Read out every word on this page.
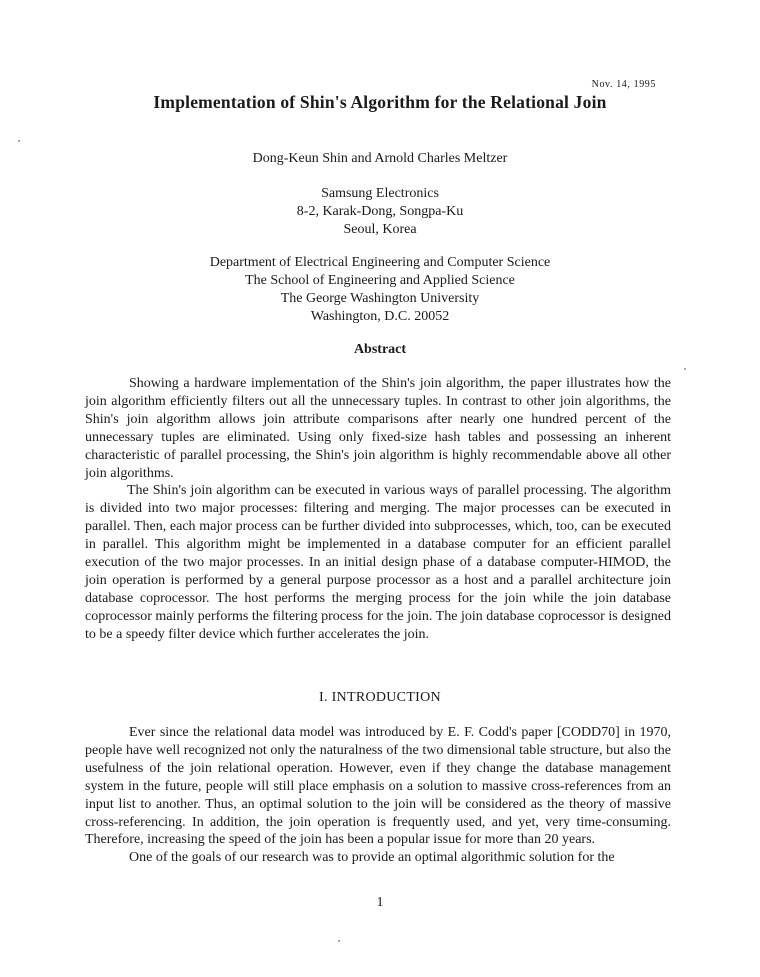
Nov. 14, 1995
Implementation of Shin's Algorithm for the Relational Join
Dong-Keun Shin and Arnold Charles Meltzer
Samsung Electronics
8-2, Karak-Dong, Songpa-Ku
Seoul, Korea
Department of Electrical Engineering and Computer Science
The School of Engineering and Applied Science
The George Washington University
Washington, D.C. 20052
Abstract

Showing a hardware implementation of the Shin's join algorithm, the paper illustrates how the join algorithm efficiently filters out all the unnecessary tuples. In contrast to other join algorithms, the Shin's join algorithm allows join attribute comparisons after nearly one hundred percent of the unnecessary tuples are eliminated. Using only fixed-size hash tables and possessing an inherent characteristic of parallel processing, the Shin's join algorithm is highly recommendable above all other join algorithms.

The Shin's join algorithm can be executed in various ways of parallel processing. The algorithm is divided into two major processes: filtering and merging. The major processes can be executed in parallel. Then, each major process can be further divided into subprocesses, which, too, can be executed in parallel. This algorithm might be implemented in a database computer for an efficient parallel execution of the two major processes. In an initial design phase of a database computer-HIMOD, the join operation is performed by a general purpose processor as a host and a parallel architecture join database coprocessor. The host performs the merging process for the join while the join database coprocessor mainly performs the filtering process for the join. The join database coprocessor is designed to be a speedy filter device which further accelerates the join.

I. INTRODUCTION

Ever since the relational data model was introduced by E. F. Codd's paper [CODD70] in 1970, people have well recognized not only the naturalness of the two dimensional table structure, but also the usefulness of the join relational operation. However, even if they change the database management system in the future, people will still place emphasis on a solution to massive cross-references from an input list to another. Thus, an optimal solution to the join will be considered as the theory of massive cross-referencing. In addition, the join operation is frequently used, and yet, very time-consuming. Therefore, increasing the speed of the join has been a popular issue for more than 20 years.

One of the goals of our research was to provide an optimal algorithmic solution for the

1
